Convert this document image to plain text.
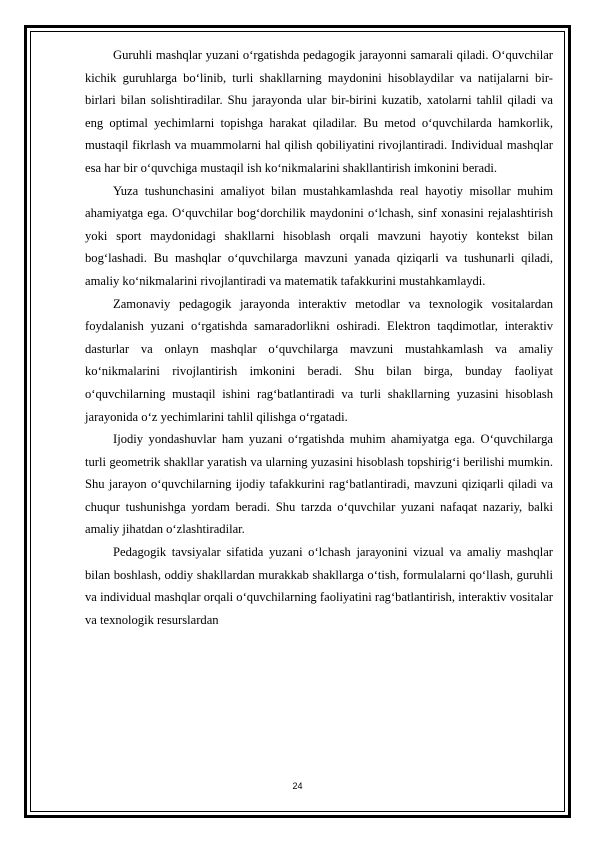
Guruhli mashqlar yuzani o‘rgatishda pedagogik jarayonni samarali qiladi. O‘quvchilar kichik guruhlarga bo‘linib, turli shakllarning maydonini hisoblaydilar va natijalarni bir-birlari bilan solishtiradilar. Shu jarayonda ular bir-birini kuzatib, xatolarni tahlil qiladi va eng optimal yechimlarni topishga harakat qiladilar. Bu metod o‘quvchilarda hamkorlik, mustaqil fikrlash va muammolarni hal qilish qobiliyatini rivojlantiradi. Individual mashqlar esa har bir o‘quvchiga mustaqil ish ko‘nikmalarini shakllantirish imkonini beradi.

Yuza tushunchasini amaliyot bilan mustahkamlashda real hayotiy misollar muhim ahamiyatga ega. O‘quvchilar bog‘dorchilik maydonini o‘lchash, sinf xonasini rejalashtirish yoki sport maydonidagi shakllarni hisoblash orqali mavzuni hayotiy kontekst bilan bog‘lashadi. Bu mashqlar o‘quvchilarga mavzuni yanada qiziqarli va tushunarli qiladi, amaliy ko‘nikmalarini rivojlantiradi va matematik tafakkurini mustahkamlaydi.

Zamonaviy pedagogik jarayonda interaktiv metodlar va texnologik vositalardan foydalanish yuzani o‘rgatishda samaradorlikni oshiradi. Elektron taqdimotlar, interaktiv dasturlar va onlayn mashqlar o‘quvchilarga mavzuni mustahkamlash va amaliy ko‘nikmalarini rivojlantirish imkonini beradi. Shu bilan birga, bunday faoliyat o‘quvchilarning mustaqil ishini rag‘batlantiradi va turli shakllarning yuzasini hisoblash jarayonida o‘z yechimlarini tahlil qilishga o‘rgatadi.

Ijodiy yondashuvlar ham yuzani o‘rgatishda muhim ahamiyatga ega. O‘quvchilarga turli geometrik shakllar yaratish va ularning yuzasini hisoblash topshirig‘i berilishi mumkin. Shu jarayon o‘quvchilarning ijodiy tafakkurini rag‘batlantiradi, mavzuni qiziqarli qiladi va chuqur tushunishga yordam beradi. Shu tarzda o‘quvchilar yuzani nafaqat nazariy, balki amaliy jihatdan o‘zlashtiradilar.

Pedagogik tavsiyalar sifatida yuzani o‘lchash jarayonini vizual va amaliy mashqlar bilan boshlash, oddiy shakllardan murakkab shakllarga o‘tish, formulalarni qo‘llash, guruhli va individual mashqlar orqali o‘quvchilarning faoliyatini rag‘batlantirish, interaktiv vositalar va texnologik resurslardan

24
